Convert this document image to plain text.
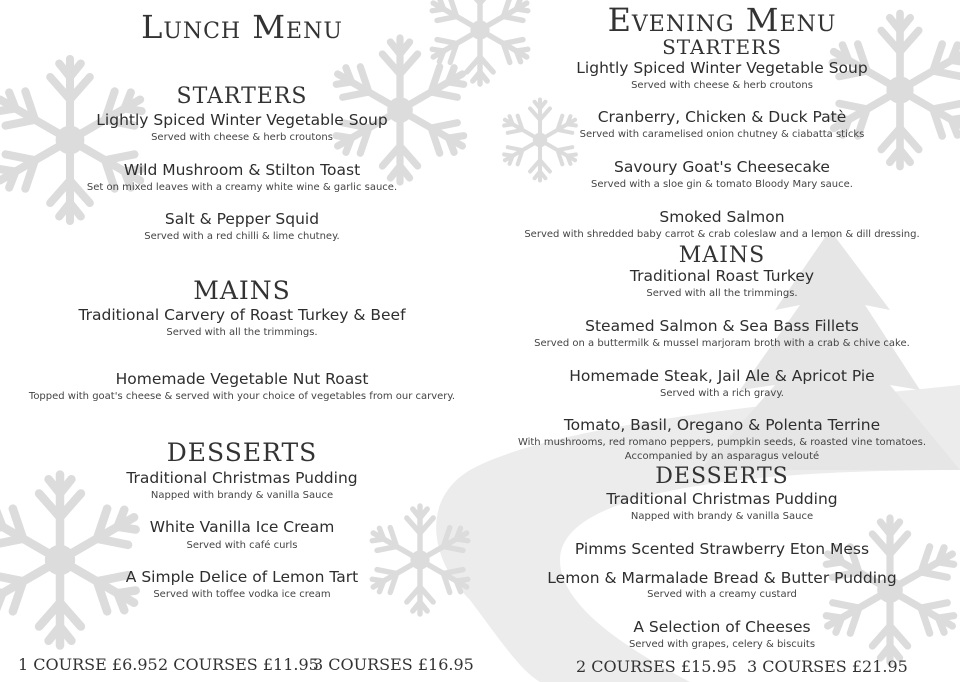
Lunch Menu
STARTERS
Lightly Spiced Winter Vegetable Soup
Served with cheese & herb croutons
Wild Mushroom & Stilton Toast
Set on mixed leaves with a creamy white wine & garlic sauce.
Salt & Pepper Squid
Served with a red chilli & lime chutney.
MAINS
Traditional Carvery of Roast Turkey & Beef
Served with all the trimmings.
Homemade Vegetable Nut Roast
Topped with goat's cheese & served with your choice of vegetables from our carvery.
DESSERTS
Traditional Christmas Pudding
Napped with brandy & vanilla Sauce
White Vanilla Ice Cream
Served with café curls
A Simple Delice of Lemon Tart
Served with toffee vodka ice cream
1 COURSE £6.95 2 COURSES £11.95
3 COURSES £16.95
Evening Menu
STARTERS
Lightly Spiced Winter Vegetable Soup
Served with cheese & herb croutons
Cranberry, Chicken & Duck Patè
Served with caramelised onion chutney & ciabatta sticks
Savoury Goat's Cheesecake
Served with a sloe gin & tomato Bloody Mary sauce.
Smoked Salmon
Served with shredded baby carrot & crab coleslaw and a lemon & dill dressing.
MAINS
Traditional Roast Turkey
Served with all the trimmings.
Steamed Salmon & Sea Bass Fillets
Served on a buttermilk & mussel marjoram broth with a crab & chive cake.
Homemade Steak, Jail Ale & Apricot Pie
Served with a rich gravy.
Tomato, Basil, Oregano & Polenta Terrine
With mushrooms, red romano peppers, pumpkin seeds, & roasted vine tomatoes.
Accompanied by an asparagus velouté
DESSERTS
Traditional Christmas Pudding
Napped with brandy & vanilla Sauce
Pimms Scented Strawberry Eton Mess
Lemon & Marmalade Bread & Butter Pudding
Served with a creamy custard
A Selection of Cheeses
Served with grapes, celery & biscuits
2 COURSES £15.95 3 COURSES £21.95
